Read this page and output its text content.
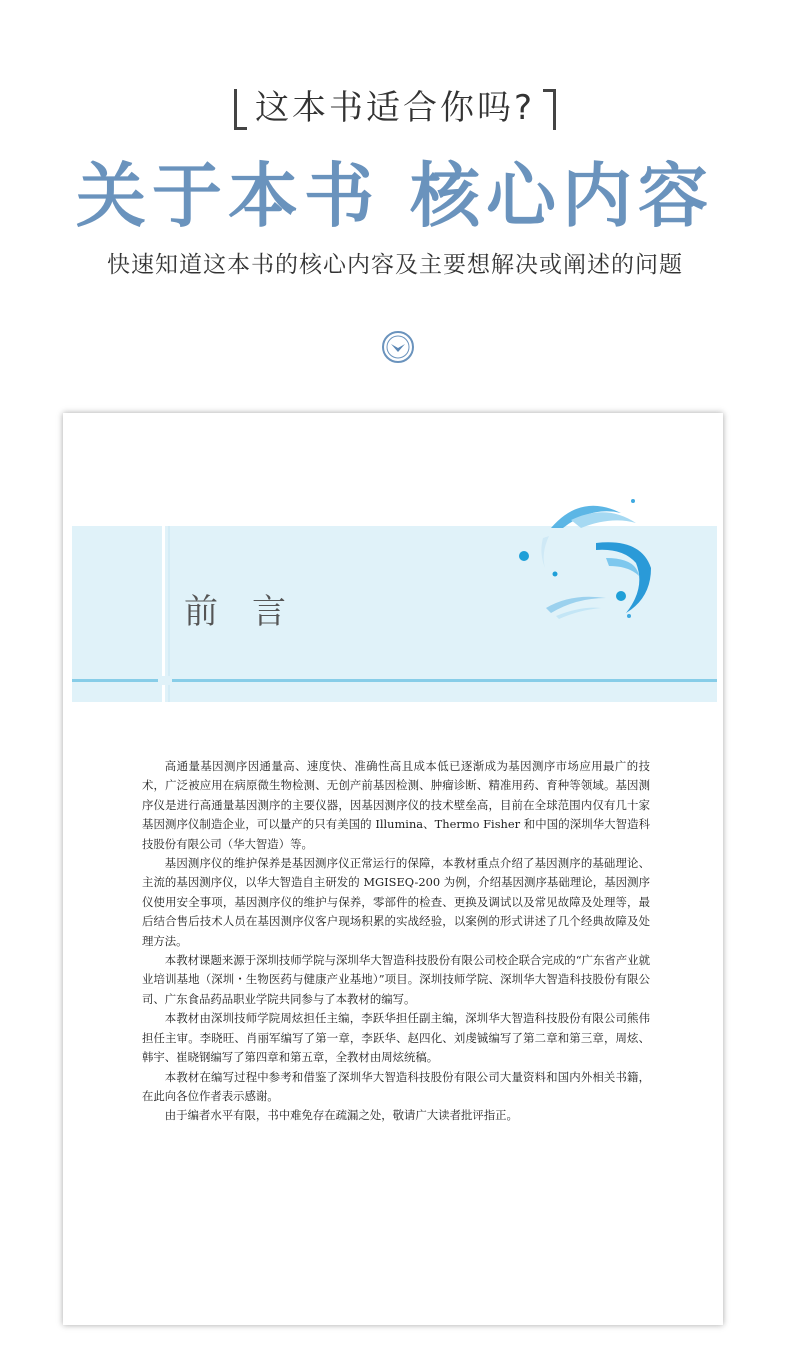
这本书适合你吗?
关于本书 核心内容
快速知道这本书的核心内容及主要想解决或阐述的问题
前言

高通量基因测序因通量高、速度快、准确性高且成本低已逐渐成为基因测序市场应用最广的技术，广泛被应用在病原微生物检测、无创产前基因检测、肿瘤诊断、精准用药、育种等领域。基因测序仪是进行高通量基因测序的主要仪器，因基因测序仪的技术壁垒高，目前在全球范围内仅有几十家基因测序仪制造企业，可以量产的只有美国的 Illumina、Thermo Fisher 和中国的深圳华大智造科技股份有限公司（华大智造）等。

基因测序仪的维护保养是基因测序仪正常运行的保障，本教材重点介绍了基因测序的基础理论、主流的基因测序仪，以华大智造自主研发的 MGISEQ-200 为例，介绍基因测序基础理论，基因测序仪使用安全事项，基因测序仪的维护与保养，零部件的检查、更换及调试以及常见故障及处理等，最后结合售后技术人员在基因测序仪客户现场积累的实战经验，以案例的形式讲述了几个经典故障及处理方法。

本教材课题来源于深圳技师学院与深圳华大智造科技股份有限公司校企联合完成的“广东省产业就业培训基地（深圳・生物医药与健康产业基地）”项目。深圳技师学院、深圳华大智造科技股份有限公司、广东食品药品职业学院共同参与了本教材的编写。

本教材由深圳技师学院周炫担任主编，李跃华担任副主编，深圳华大智造科技股份有限公司熊伟担任主审。李晓旺、肖丽军编写了第一章，李跃华、赵四化、刘虔铖编写了第二章和第三章，周炫、韩宇、崔晓钢编写了第四章和第五章，全教材由周炫统稿。

本教材在编写过程中参考和借鉴了深圳华大智造科技股份有限公司大量资料和国内外相关书籍，在此向各位作者表示感谢。

由于编者水平有限，书中难免存在疏漏之处，敬请广大读者批评指正。
